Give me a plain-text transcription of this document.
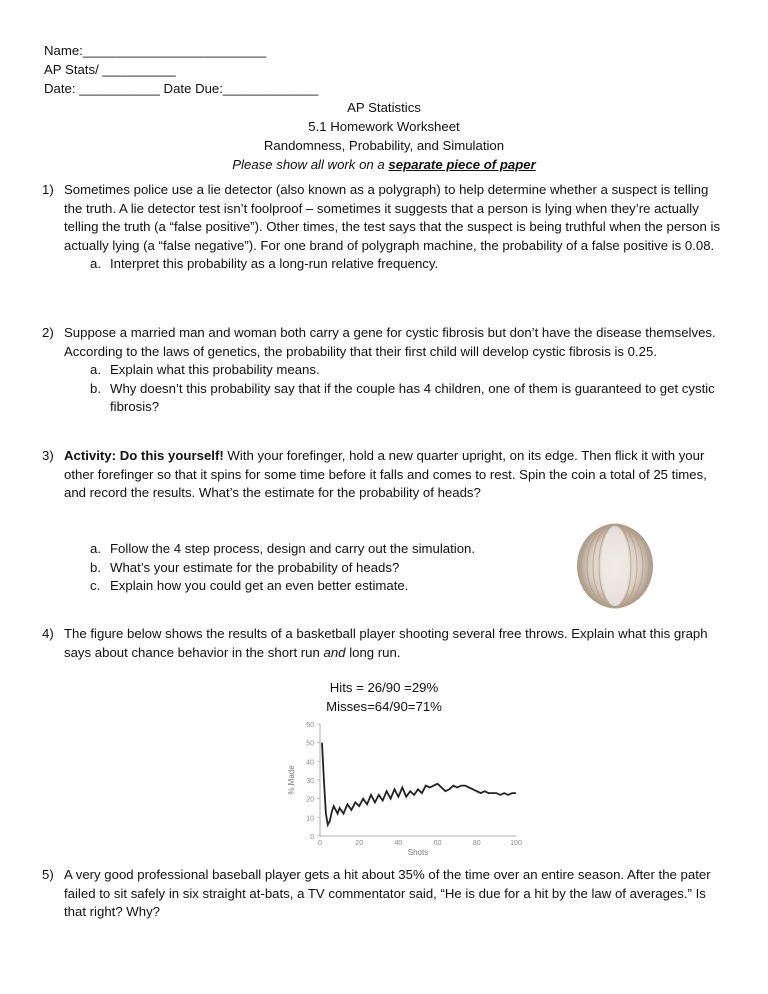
Name:_________________________
AP Stats/ __________
Date: ___________ Date Due:_____________
AP Statistics
5.1 Homework Worksheet
Randomness, Probability, and Simulation
Please show all work on a separate piece of paper
1) Sometimes police use a lie detector (also known as a polygraph) to help determine whether a suspect is telling the truth. A lie detector test isn’t foolproof – sometimes it suggests that a person is lying when they’re actually telling the truth (a “false positive”). Other times, the test says that the suspect is being truthful when the person is actually lying (a “false negative”). For one brand of polygraph machine, the probability of a false positive is 0.08.
a. Interpret this probability as a long-run relative frequency.
2) Suppose a married man and woman both carry a gene for cystic fibrosis but don’t have the disease themselves. According to the laws of genetics, the probability that their first child will develop cystic fibrosis is 0.25.
a. Explain what this probability means.
b. Why doesn’t this probability say that if the couple has 4 children, one of them is guaranteed to get cystic fibrosis?
3) Activity: Do this yourself! With your forefinger, hold a new quarter upright, on its edge. Then flick it with your other forefinger so that it spins for some time before it falls and comes to rest. Spin the coin a total of 25 times, and record the results. What’s the estimate for the probability of heads?
a. Follow the 4 step process, design and carry out the simulation.
b. What’s your estimate for the probability of heads?
c. Explain how you could get an even better estimate.
4) The figure below shows the results of a basketball player shooting several free throws. Explain what this graph says about chance behavior in the short run and long run.
Hits = 26/90 =29%
Misses=64/90=71%
0
10
20
30
40
50
60
0	20	40	60	80	100
Shots
% Made
5) A very good professional baseball player gets a hit about 35% of the time over an entire season. After the pater failed to sit safely in six straight at-bats, a TV commentator said, “He is due for a hit by the law of averages.” Is that right? Why?
